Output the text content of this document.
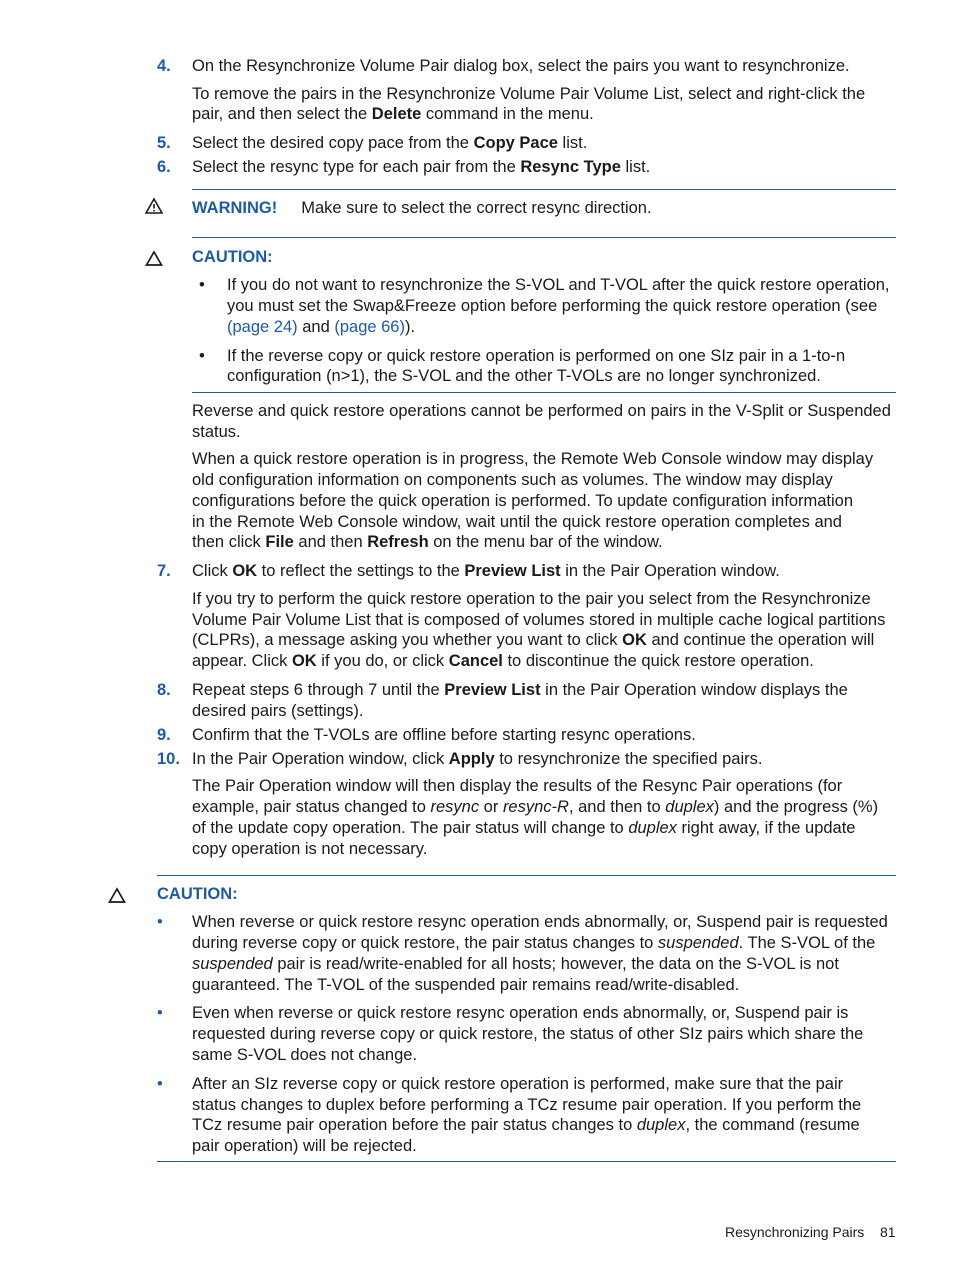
4. On the Resynchronize Volume Pair dialog box, select the pairs you want to resynchronize.
To remove the pairs in the Resynchronize Volume Pair Volume List, select and right-click the
pair, and then select the Delete command in the menu.
5. Select the desired copy pace from the Copy Pace list.
6. Select the resync type for each pair from the Resync Type list.
WARNING! Make sure to select the correct resync direction.
CAUTION:
• If you do not want to resynchronize the S-VOL and T-VOL after the quick restore operation,
you must set the Swap&Freeze option before performing the quick restore operation (see
(page 24) and (page 66)).
• If the reverse copy or quick restore operation is performed on one SIz pair in a 1-to-n
configuration (n>1), the S-VOL and the other T-VOLs are no longer synchronized.
Reverse and quick restore operations cannot be performed on pairs in the V-Split or Suspended
status.
When a quick restore operation is in progress, the Remote Web Console window may display
old configuration information on components such as volumes. The window may display
configurations before the quick operation is performed. To update configuration information
in the Remote Web Console window, wait until the quick restore operation completes and
then click File and then Refresh on the menu bar of the window.
7. Click OK to reflect the settings to the Preview List in the Pair Operation window.
If you try to perform the quick restore operation to the pair you select from the Resynchronize
Volume Pair Volume List that is composed of volumes stored in multiple cache logical partitions
(CLPRs), a message asking you whether you want to click OK and continue the operation will
appear. Click OK if you do, or click Cancel to discontinue the quick restore operation.
8. Repeat steps 6 through 7 until the Preview List in the Pair Operation window displays the
desired pairs (settings).
9. Confirm that the T-VOLs are offline before starting resync operations.
10. In the Pair Operation window, click Apply to resynchronize the specified pairs.
The Pair Operation window will then display the results of the Resync Pair operations (for
example, pair status changed to resync or resync-R, and then to duplex) and the progress (%)
of the update copy operation. The pair status will change to duplex right away, if the update
copy operation is not necessary.
CAUTION:
• When reverse or quick restore resync operation ends abnormally, or, Suspend pair is requested
during reverse copy or quick restore, the pair status changes to suspended. The S-VOL of the
suspended pair is read/write-enabled for all hosts; however, the data on the S-VOL is not
guaranteed. The T-VOL of the suspended pair remains read/write-disabled.
• Even when reverse or quick restore resync operation ends abnormally, or, Suspend pair is
requested during reverse copy or quick restore, the status of other SIz pairs which share the
same S-VOL does not change.
• After an SIz reverse copy or quick restore operation is performed, make sure that the pair
status changes to duplex before performing a TCz resume pair operation. If you perform the
TCz resume pair operation before the pair status changes to duplex, the command (resume
pair operation) will be rejected.
Resynchronizing Pairs 81
